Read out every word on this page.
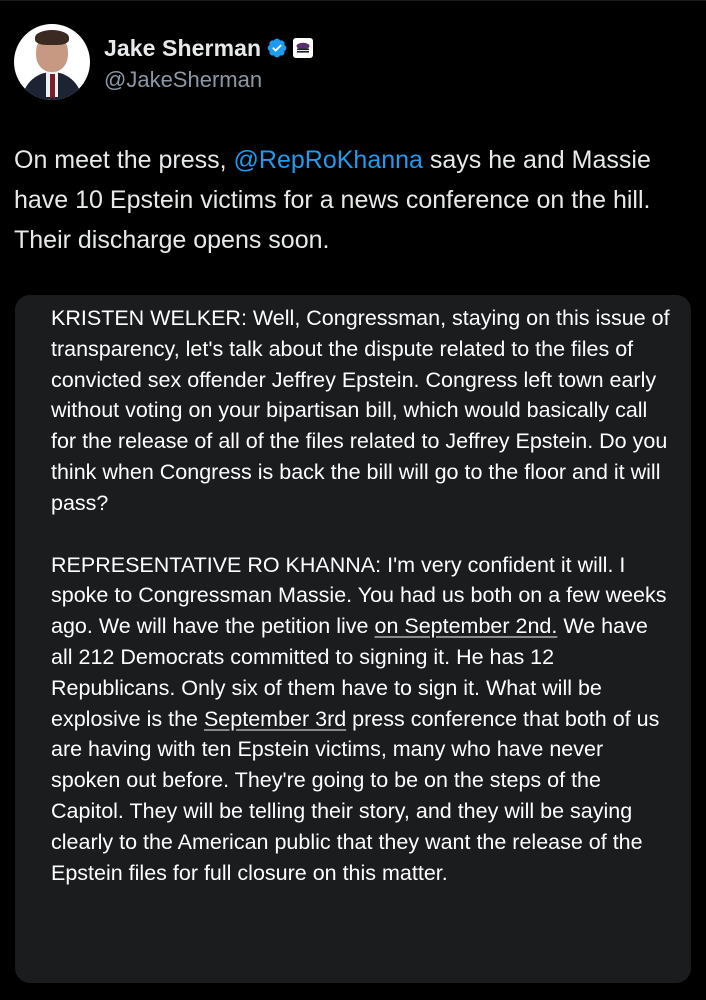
Jake Sherman
@JakeSherman
On meet the press, @RepRoKhanna says he and Massie have 10 Epstein victims for a news conference on the hill. Their discharge opens soon.

KRISTEN WELKER: Well, Congressman, staying on this issue of transparency, let's talk about the dispute related to the files of convicted sex offender Jeffrey Epstein. Congress left town early without voting on your bipartisan bill, which would basically call for the release of all of the files related to Jeffrey Epstein. Do you think when Congress is back the bill will go to the floor and it will pass?

REPRESENTATIVE RO KHANNA: I'm very confident it will. I spoke to Congressman Massie. You had us both on a few weeks ago. We will have the petition live on September 2nd. We have all 212 Democrats committed to signing it. He has 12 Republicans. Only six of them have to sign it. What will be explosive is the September 3rd press conference that both of us are having with ten Epstein victims, many who have never spoken out before. They're going to be on the steps of the Capitol. They will be telling their story, and they will be saying clearly to the American public that they want the release of the Epstein files for full closure on this matter.
